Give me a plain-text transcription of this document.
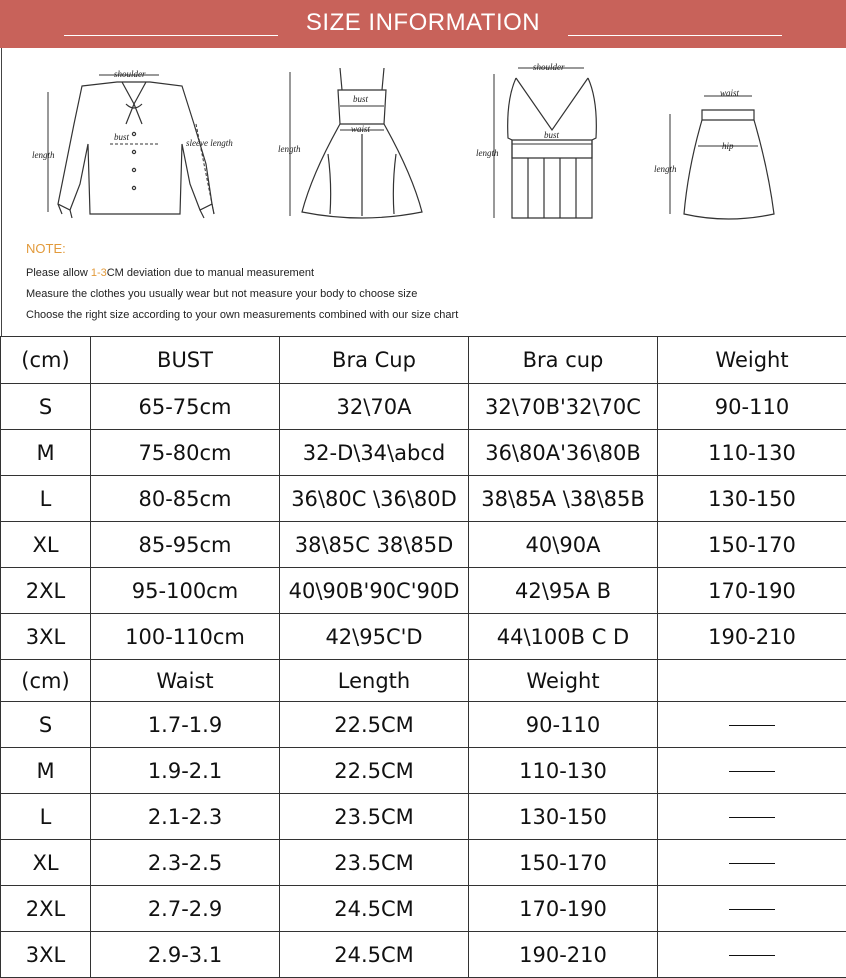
SIZE INFORMATION
shoulder
bust
length
sleeve length
bust
waist
length
shoulder
bust
length
waist
hip
length
NOTE:
Please allow 1-3CM deviation due to manual measurement
Measure the clothes you usually wear but not measure your body to choose size
Choose the right size according to your own measurements combined with our size chart
(cm)	BUST	Bra Cup	Bra cup	Weight
S	65-75cm	32\70A	32\70B'32\70C	90-110
M	75-80cm	32-D\34\abcd	36\80A'36\80B	110-130
L	80-85cm	36\80C \36\80D	38\85A \38\85B	130-150
XL	85-95cm	38\85C 38\85D	40\90A	150-170
2XL	95-100cm	40\90B'90C'90D	42\95A B	170-190
3XL	100-110cm	42\95C'D	44\100B C D	190-210
(cm)	Waist	Length	Weight	
S	1.7-1.9	22.5CM	90-110	
M	1.9-2.1	22.5CM	110-130	
L	2.1-2.3	23.5CM	130-150	
XL	2.3-2.5	23.5CM	150-170	
2XL	2.7-2.9	24.5CM	170-190	
3XL	2.9-3.1	24.5CM	190-210	
